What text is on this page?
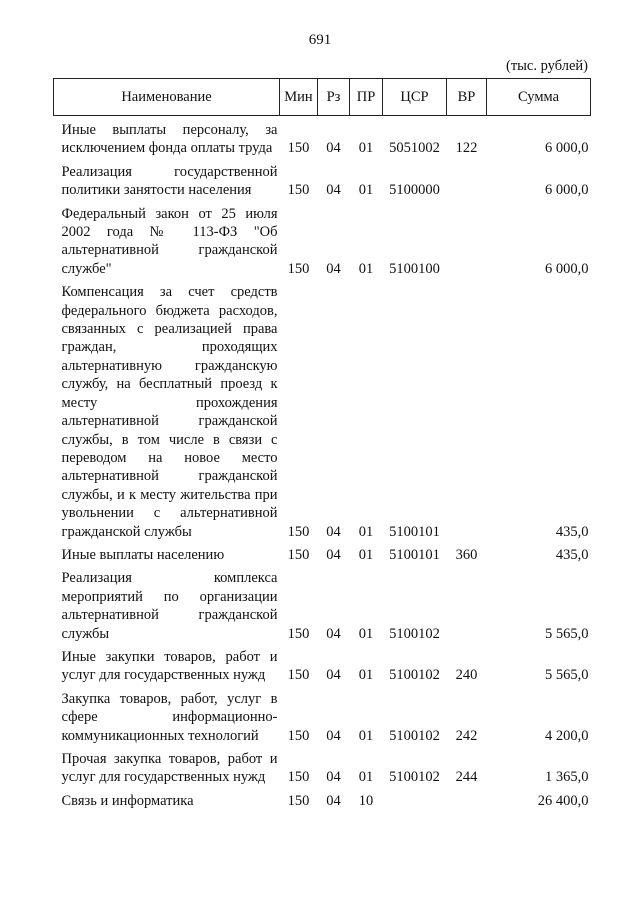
691
(тыс. рублей)
Наименование	Мин	Рз	ПР	ЦСР	ВР	Сумма
Иные выплаты персоналу, за исключением фонда оплаты труда	150	04	01	5051002	122	6 000,0
Реализация государственной политики занятости населения	150	04	01	5100000		6 000,0
Федеральный закон от 25 июля 2002 года № 113-ФЗ "Об альтернативной гражданской службе"	150	04	01	5100100		6 000,0
Компенсация за счет средств федерального бюджета расходов, связанных с реализацией права граждан, проходящих альтернативную гражданскую службу, на бесплатный проезд к месту прохождения альтернативной гражданской службы, в том числе в связи с переводом на новое место альтернативной гражданской службы, и к месту жительства при увольнении с альтернативной гражданской службы	150	04	01	5100101		435,0
Иные выплаты населению	150	04	01	5100101	360	435,0
Реализация комплекса мероприятий по организации альтернативной гражданской службы	150	04	01	5100102		5 565,0
Иные закупки товаров, работ и услуг для государственных нужд	150	04	01	5100102	240	5 565,0
Закупка товаров, работ, услуг в сфере информационно-коммуникационных технологий	150	04	01	5100102	242	4 200,0
Прочая закупка товаров, работ и услуг для государственных нужд	150	04	01	5100102	244	1 365,0
Связь и информатика	150	04	10			26 400,0
